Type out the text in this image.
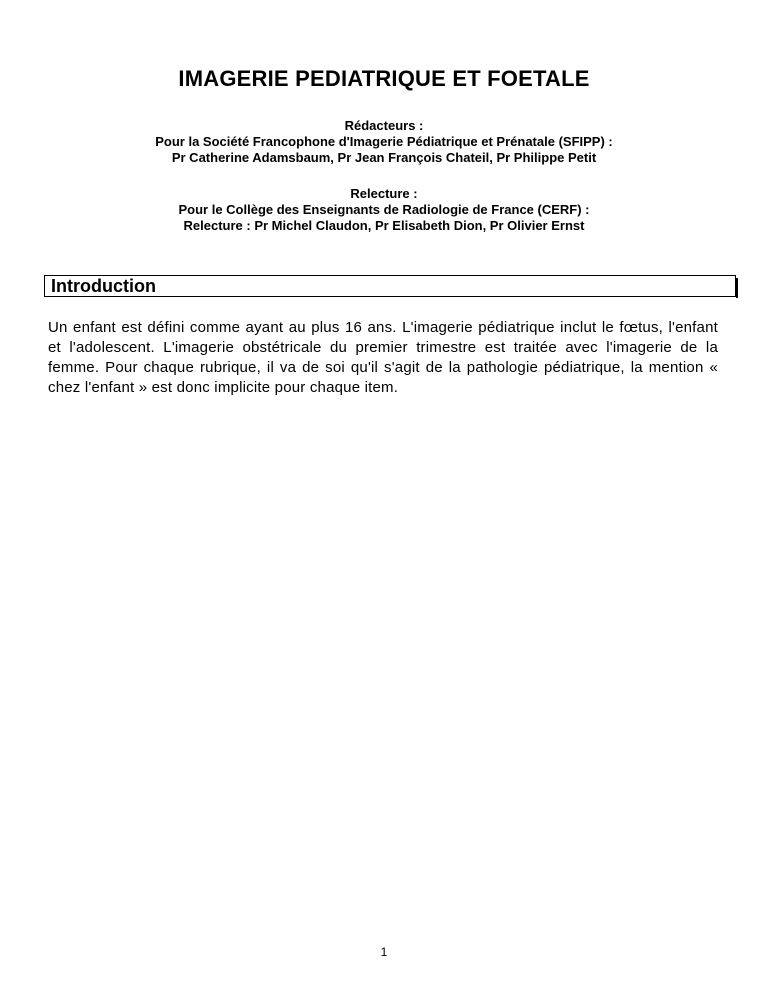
IMAGERIE PEDIATRIQUE ET FOETALE

Rédacteurs :

Pour la Société Francophone d'Imagerie Pédiatrique et Prénatale (SFIPP) :

Pr Catherine Adamsbaum, Pr Jean François Chateil, Pr Philippe Petit

Relecture :

Pour le Collège des Enseignants de Radiologie de France (CERF) :

Relecture : Pr Michel Claudon, Pr Elisabeth Dion, Pr Olivier Ernst

Introduction

Un enfant est défini comme ayant au plus 16 ans. L'imagerie pédiatrique inclut le fœtus, l'enfant et l'adolescent. L'imagerie obstétricale du premier trimestre est traitée avec l'imagerie de la femme. Pour chaque rubrique, il va de soi qu'il s'agit de la pathologie pédiatrique, la mention « chez l'enfant » est donc implicite pour chaque item.

1
